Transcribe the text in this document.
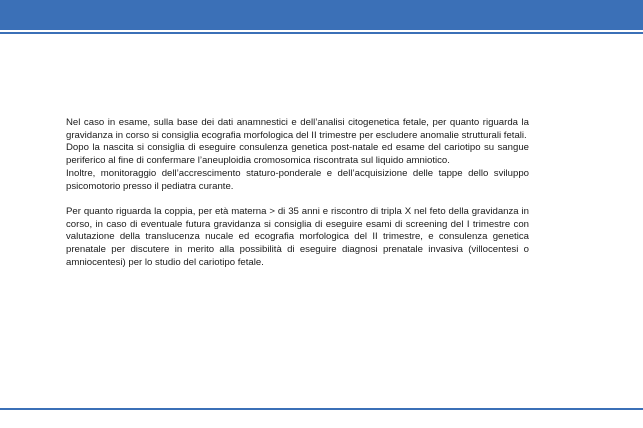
Nel caso in esame, sulla base dei dati anamnestici e dell’analisi citogenetica fetale, per quanto riguarda la gravidanza in corso si consiglia ecografia morfologica del II trimestre per escludere anomalie strutturali fetali.

Dopo la nascita si consiglia di eseguire consulenza genetica post-natale ed esame del cariotipo su sangue periferico al fine di confermare l’aneuploidia cromosomica riscontrata sul liquido amniotico.

Inoltre, monitoraggio dell’accrescimento staturo-ponderale e dell’acquisizione delle tappe dello sviluppo psicomotorio presso il pediatra curante.

Per quanto riguarda la coppia, per età materna > di 35 anni e riscontro di tripla X nel feto della gravidanza in corso, in caso di eventuale futura gravidanza si consiglia di eseguire esami di screening del I trimestre con valutazione della translucenza nucale ed ecografia morfologica del II trimestre, e consulenza genetica prenatale per discutere in merito alla possibilità di eseguire diagnosi prenatale invasiva (villocentesi o amniocentesi) per lo studio del cariotipo fetale.
